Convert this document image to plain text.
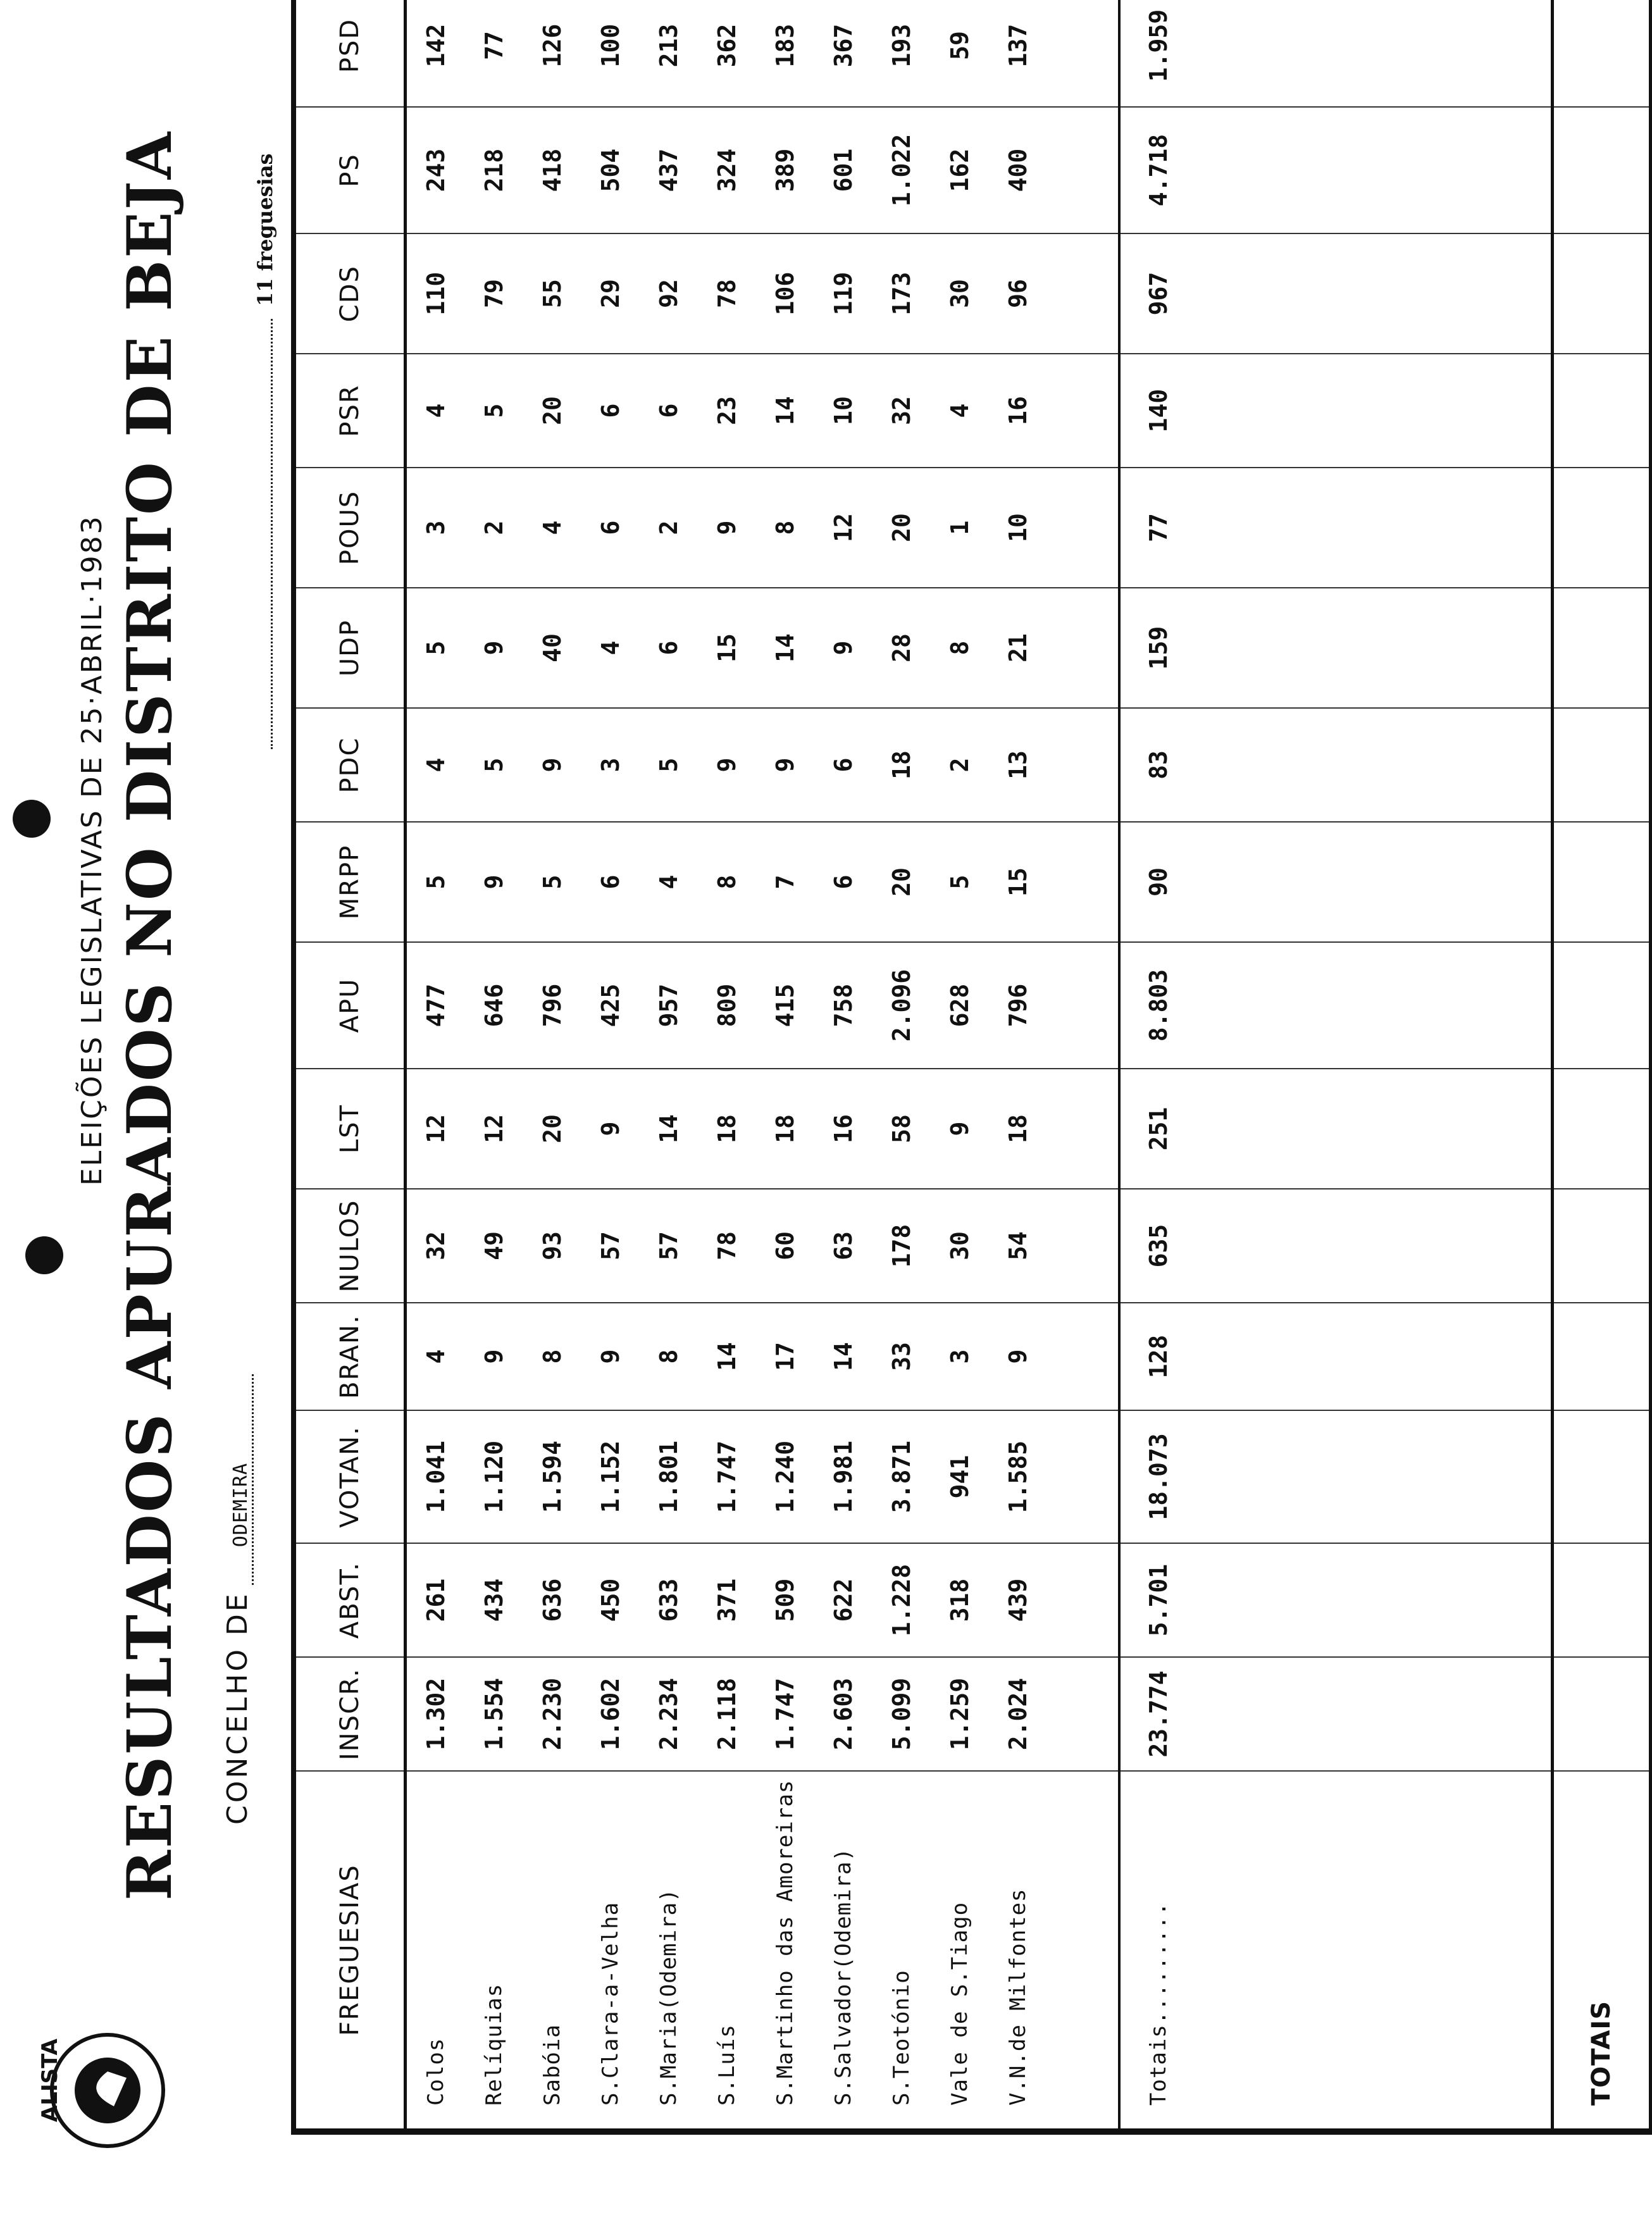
ALISTA
ELEIÇÕES LEGISLATIVAS DE 25·ABRIL·1983 RESULTADOS APURADOS NO DISTRITO DE BEJA CONCELHO DEODEMIRA
11 freguesias
FREGUESIAS	INSCR.	ABST.	VOTAN.	BRAN.	NULOS	LST	APU	MRPP	PDC	UDP	POUS	PSR	CDS	PS	PSD
Colos	1.302	261	1.041	4	32	12	477	5	4	5	3	4	110	243	142
Relíquias	1.554	434	1.120	9	49	12	646	9	5	9	2	5	79	218	77
Sabóia	2.230	636	1.594	8	93	20	796	5	9	40	4	20	55	418	126
S.Clara-a-Velha	1.602	450	1.152	9	57	9	425	6	3	4	6	6	29	504	100
S.Maria(Odemira)	2.234	633	1.801	8	57	14	957	4	5	6	2	6	92	437	213
S.Luís	2.118	371	1.747	14	78	18	809	8	9	15	9	23	78	324	362
S.Martinho das Amoreiras	1.747	509	1.240	17	60	18	415	7	9	14	8	14	106	389	183
S.Salvador(Odemira)	2.603	622	1.981	14	63	16	758	6	6	9	12	10	119	601	367
S.Teotónio	5.099	1.228	3.871	33	178	58	2.096	20	18	28	20	32	173	1.022	193
Vale de S.Tiago	1.259	318	941	3	30	9	628	5	2	8	1	4	30	162	59
V.N.de Milfontes	2.024	439	1.585	9	54	18	796	15	13	21	10	16	96	400	137

Totais.........	23.774	5.701	18.073	128	635	251	8.803	90	83	159	77	140	967	4.718	1.959

TOTAIS															
